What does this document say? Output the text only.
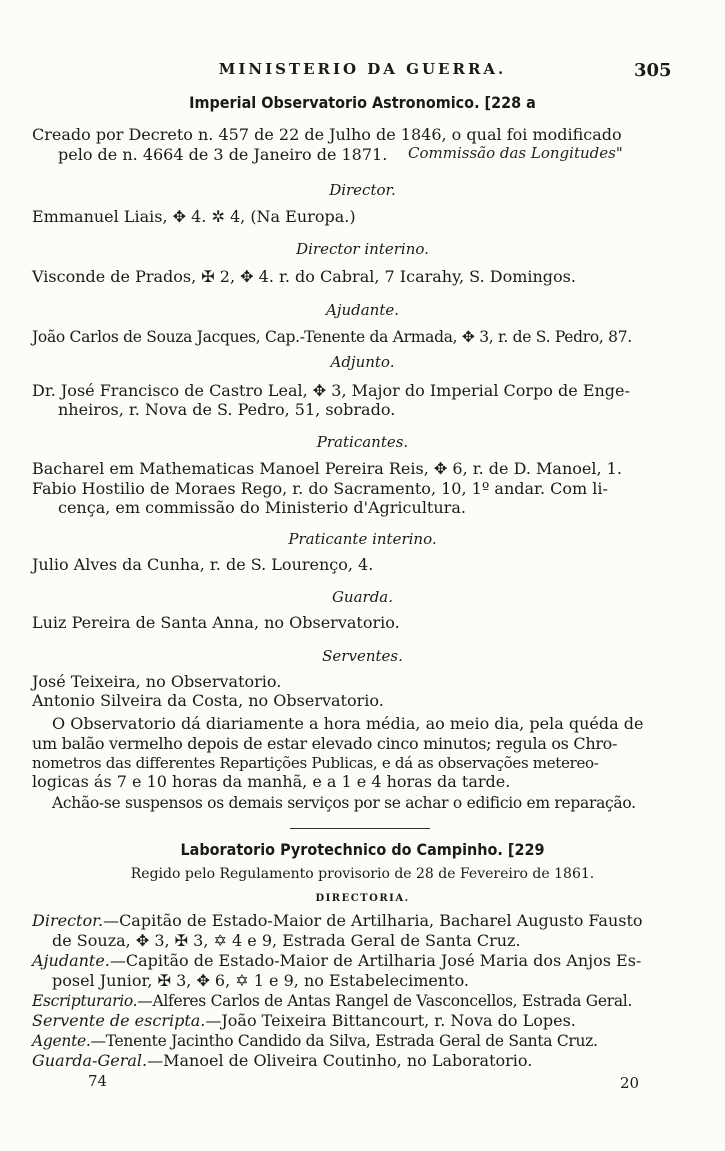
MINISTERIO DA GUERRA.	305
Imperial Observatorio Astronomico. [228 a
Creado por Decreto n. 457 de 22 de Julho de 1846, o qual foi modificado
pelo de n. 4664 de 3 de Janeiro de 1871. Commissão das Longitudes"
Director.
Emmanuel Liais, ✥ 4. ✲ 4, (Na Europa.)
Director interino.
Visconde de Prados, ✠ 2, ✥ 4. r. do Cabral, 7 Icarahy, S. Domingos.
Ajudante.
João Carlos de Souza Jacques, Cap.-Tenente da Armada, ✥ 3, r. de S. Pedro, 87.
Adjunto.
Dr. José Francisco de Castro Leal, ✥ 3, Major do Imperial Corpo de Enge-
nheiros, r. Nova de S. Pedro, 51, sobrado.
Praticantes.
Bacharel em Mathematicas Manoel Pereira Reis, ✥ 6, r. de D. Manoel, 1.
Fabio Hostilio de Moraes Rego, r. do Sacramento, 10, 1º andar. Com li-
cença, em commissão do Ministerio d'Agricultura.
Praticante interino.
Julio Alves da Cunha, r. de S. Lourenço, 4.
Guarda.
Luiz Pereira de Santa Anna, no Observatorio.
Serventes.
José Teixeira, no Observatorio.
Antonio Silveira da Costa, no Observatorio.
O Observatorio dá diariamente a hora média, ao meio dia, pela quéda de
um balão vermelho depois de estar elevado cinco minutos; regula os Chro-
nometros das differentes Repartições Publicas, e dá as observações metereo-
logicas ás 7 e 10 horas da manhã, e a 1 e 4 horas da tarde.
Achão-se suspensos os demais serviços por se achar o edificio em reparação.
Laboratorio Pyrotechnico do Campinho. [229
Regido pelo Regulamento provisorio de 28 de Fevereiro de 1861.
DIRECTORIA.
Director.—Capitão de Estado-Maior de Artilharia, Bacharel Augusto Fausto
de Souza, ✥ 3, ✠ 3, ✡ 4 e 9, Estrada Geral de Santa Cruz.
Ajudante.—Capitão de Estado-Maior de Artilharia José Maria dos Anjos Es-
posel Junior, ✠ 3, ✥ 6, ✡ 1 e 9, no Estabelecimento.
Escripturario.—Alferes Carlos de Antas Rangel de Vasconcellos, Estrada Geral.
Servente de escripta.—João Teixeira Bittancourt, r. Nova do Lopes.
Agente.—Tenente Jacintho Candido da Silva, Estrada Geral de Santa Cruz.
Guarda-Geral.—Manoel de Oliveira Coutinho, no Laboratorio.
74	20
